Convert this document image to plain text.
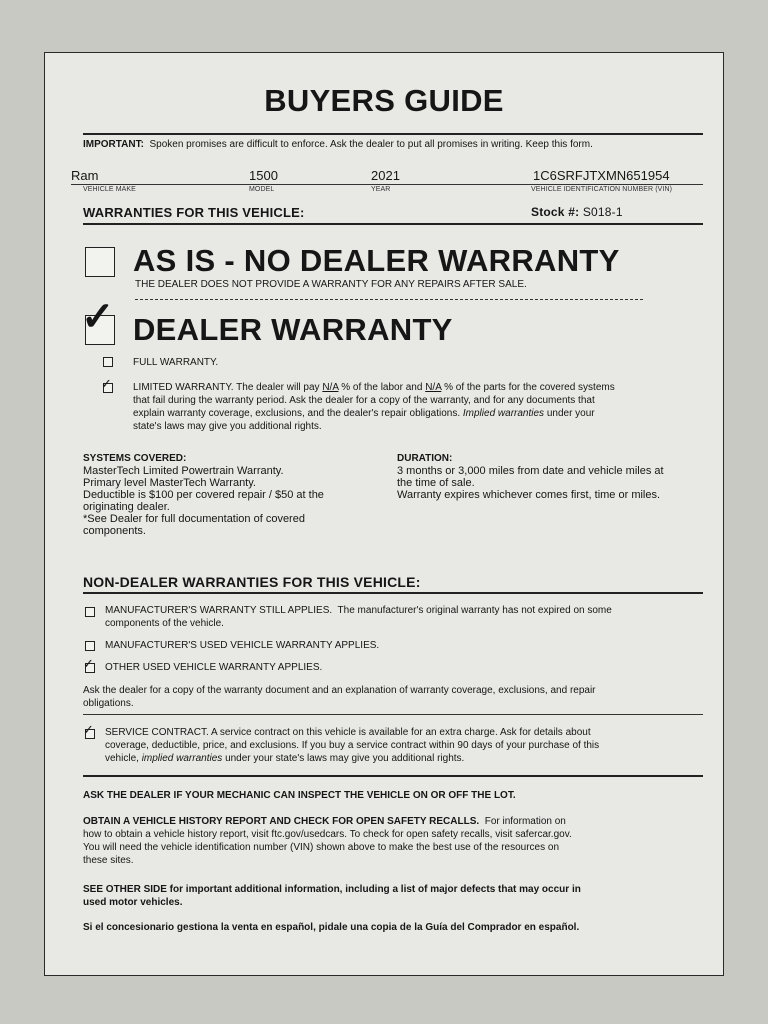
BUYERS GUIDE
IMPORTANT: Spoken promises are difficult to enforce. Ask the dealer to put all promises in writing. Keep this form.
Ram	1500	2021	1C6SRFJTXMN651954
VEHICLE MAKE	MODEL	YEAR	VEHICLE IDENTIFICATION NUMBER (VIN)
WARRANTIES FOR THIS VEHICLE:	Stock #: S018-1
AS IS - NO DEALER WARRANTY
THE DEALER DOES NOT PROVIDE A WARRANTY FOR ANY REPAIRS AFTER SALE.
✓ DEALER WARRANTY
FULL WARRANTY.
✓ LIMITED WARRANTY. The dealer will pay N/A % of the labor and N/A % of the parts for the covered systems
that fail during the warranty period. Ask the dealer for a copy of the warranty, and for any documents that
explain warranty coverage, exclusions, and the dealer's repair obligations. Implied warranties under your
state's laws may give you additional rights.
SYSTEMS COVERED:
MasterTech Limited Powertrain Warranty.
Primary level MasterTech Warranty.
Deductible is $100 per covered repair / $50 at the
originating dealer.
*See Dealer for full documentation of covered
components.
DURATION:
3 months or 3,000 miles from date and vehicle miles at
the time of sale.
Warranty expires whichever comes first, time or miles.
NON-DEALER WARRANTIES FOR THIS VEHICLE:
MANUFACTURER'S WARRANTY STILL APPLIES. The manufacturer's original warranty has not expired on some
components of the vehicle.
MANUFACTURER'S USED VEHICLE WARRANTY APPLIES.
✓ OTHER USED VEHICLE WARRANTY APPLIES.
Ask the dealer for a copy of the warranty document and an explanation of warranty coverage, exclusions, and repair
obligations.
✓ SERVICE CONTRACT. A service contract on this vehicle is available for an extra charge. Ask for details about
coverage, deductible, price, and exclusions. If you buy a service contract within 90 days of your purchase of this
vehicle, implied warranties under your state's laws may give you additional rights.
ASK THE DEALER IF YOUR MECHANIC CAN INSPECT THE VEHICLE ON OR OFF THE LOT.
OBTAIN A VEHICLE HISTORY REPORT AND CHECK FOR OPEN SAFETY RECALLS. For information on
how to obtain a vehicle history report, visit ftc.gov/usedcars. To check for open safety recalls, visit safercar.gov.
You will need the vehicle identification number (VIN) shown above to make the best use of the resources on
these sites.
SEE OTHER SIDE for important additional information, including a list of major defects that may occur in
used motor vehicles.
Si el concesionario gestiona la venta en español, pidale una copia de la Guía del Comprador en español.
